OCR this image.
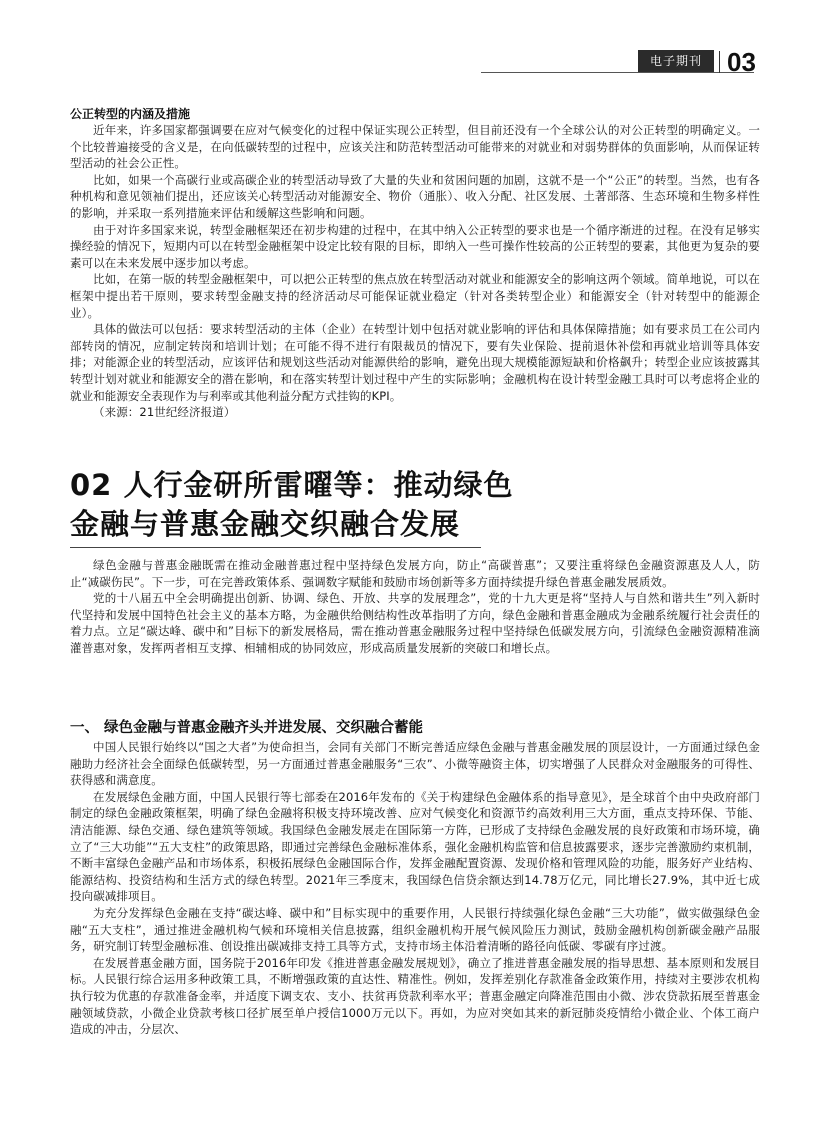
电子期刊 03
公正转型的内涵及措施

近年来，许多国家都强调要在应对气候变化的过程中保证实现公正转型，但目前还没有一个全球公认的对公正转型的明确定义。一个比较普遍接受的含义是，在向低碳转型的过程中，应该关注和防范转型活动可能带来的对就业和对弱势群体的负面影响，从而保证转型活动的社会公正性。

比如，如果一个高碳行业或高碳企业的转型活动导致了大量的失业和贫困问题的加剧，这就不是一个“公正”的转型。当然，也有各种机构和意见领袖们提出，还应该关心转型活动对能源安全、物价（通胀）、收入分配、社区发展、土著部落、生态环境和生物多样性的影响，并采取一系列措施来评估和缓解这些影响和问题。

由于对许多国家来说，转型金融框架还在初步构建的过程中，在其中纳入公正转型的要求也是一个循序渐进的过程。在没有足够实操经验的情况下，短期内可以在转型金融框架中设定比较有限的目标，即纳入一些可操作性较高的公正转型的要素，其他更为复杂的要素可以在未来发展中逐步加以考虑。

比如，在第一版的转型金融框架中，可以把公正转型的焦点放在转型活动对就业和能源安全的影响这两个领域。简单地说，可以在框架中提出若干原则，要求转型金融支持的经济活动尽可能保证就业稳定（针对各类转型企业）和能源安全（针对转型中的能源企业）。

具体的做法可以包括：要求转型活动的主体（企业）在转型计划中包括对就业影响的评估和具体保障措施；如有要求员工在公司内部转岗的情况，应制定转岗和培训计划；在可能不得不进行有限裁员的情况下，要有失业保险、提前退休补偿和再就业培训等具体安排；对能源企业的转型活动，应该评估和规划这些活动对能源供给的影响，避免出现大规模能源短缺和价格飙升；转型企业应该披露其转型计划对就业和能源安全的潜在影响，和在落实转型计划过程中产生的实际影响；金融机构在设计转型金融工具时可以考虑将企业的就业和能源安全表现作为与利率或其他利益分配方式挂钩的KPI。

（来源：21世纪经济报道）

02 人行金研所雷曜等：推动绿色
金融与普惠金融交织融合发展

绿色金融与普惠金融既需在推动金融普惠过程中坚持绿色发展方向，防止“高碳普惠”；又要注重将绿色金融资源惠及人人，防止“减碳伤民”。下一步，可在完善政策体系、强调数字赋能和鼓励市场创新等多方面持续提升绿色普惠金融发展质效。

党的十八届五中全会明确提出创新、协调、绿色、开放、共享的发展理念”，党的十九大更是将“坚持人与自然和谐共生”列入新时代坚持和发展中国特色社会主义的基本方略，为金融供给侧结构性改革指明了方向，绿色金融和普惠金融成为金融系统履行社会责任的着力点。立足“碳达峰、碳中和”目标下的新发展格局，需在推动普惠金融服务过程中坚持绿色低碳发展方向，引流绿色金融资源精准滴灌普惠对象，发挥两者相互支撑、相辅相成的协同效应，形成高质量发展新的突破口和增长点。

一、 绿色金融与普惠金融齐头并进发展、交织融合蓄能

中国人民银行始终以“国之大者”为使命担当，会同有关部门不断完善适应绿色金融与普惠金融发展的顶层设计，一方面通过绿色金融助力经济社会全面绿色低碳转型，另一方面通过普惠金融服务“三农”、小微等融资主体，切实增强了人民群众对金融服务的可得性、获得感和满意度。

在发展绿色金融方面，中国人民银行等七部委在2016年发布的《关于构建绿色金融体系的指导意见》，是全球首个由中央政府部门制定的绿色金融政策框架，明确了绿色金融将积极支持环境改善、应对气候变化和资源节约高效利用三大方面，重点支持环保、节能、清洁能源、绿色交通、绿色建筑等领域。我国绿色金融发展走在国际第一方阵，已形成了支持绿色金融发展的良好政策和市场环境，确立了“三大功能”“五大支柱”的政策思路，即通过完善绿色金融标准体系，强化金融机构监管和信息披露要求，逐步完善激励约束机制，不断丰富绿色金融产品和市场体系，积极拓展绿色金融国际合作，发挥金融配置资源、发现价格和管理风险的功能，服务好产业结构、能源结构、投资结构和生活方式的绿色转型。2021年三季度末，我国绿色信贷余额达到14.78万亿元，同比增长27.9%，其中近七成投向碳减排项目。

为充分发挥绿色金融在支持“碳达峰、碳中和”目标实现中的重要作用，人民银行持续强化绿色金融“三大功能”，做实做强绿色金融“五大支柱”，通过推进金融机构气候和环境相关信息披露，组织金融机构开展气候风险压力测试，鼓励金融机构创新碳金融产品服务，研究制订转型金融标准、创设推出碳减排支持工具等方式，支持市场主体沿着清晰的路径向低碳、零碳有序过渡。

在发展普惠金融方面，国务院于2016年印发《推进普惠金融发展规划》，确立了推进普惠金融发展的指导思想、基本原则和发展目标。人民银行综合运用多种政策工具，不断增强政策的直达性、精准性。例如，发挥差别化存款准备金政策作用，持续对主要涉农机构执行较为优惠的存款准备金率，并适度下调支农、支小、扶贫再贷款利率水平；普惠金融定向降准范围由小微、涉农贷款拓展至普惠金融领域贷款，小微企业贷款考核口径扩展至单户授信1000万元以下。再如，为应对突如其来的新冠肺炎疫情给小微企业、个体工商户造成的冲击，分层次、
